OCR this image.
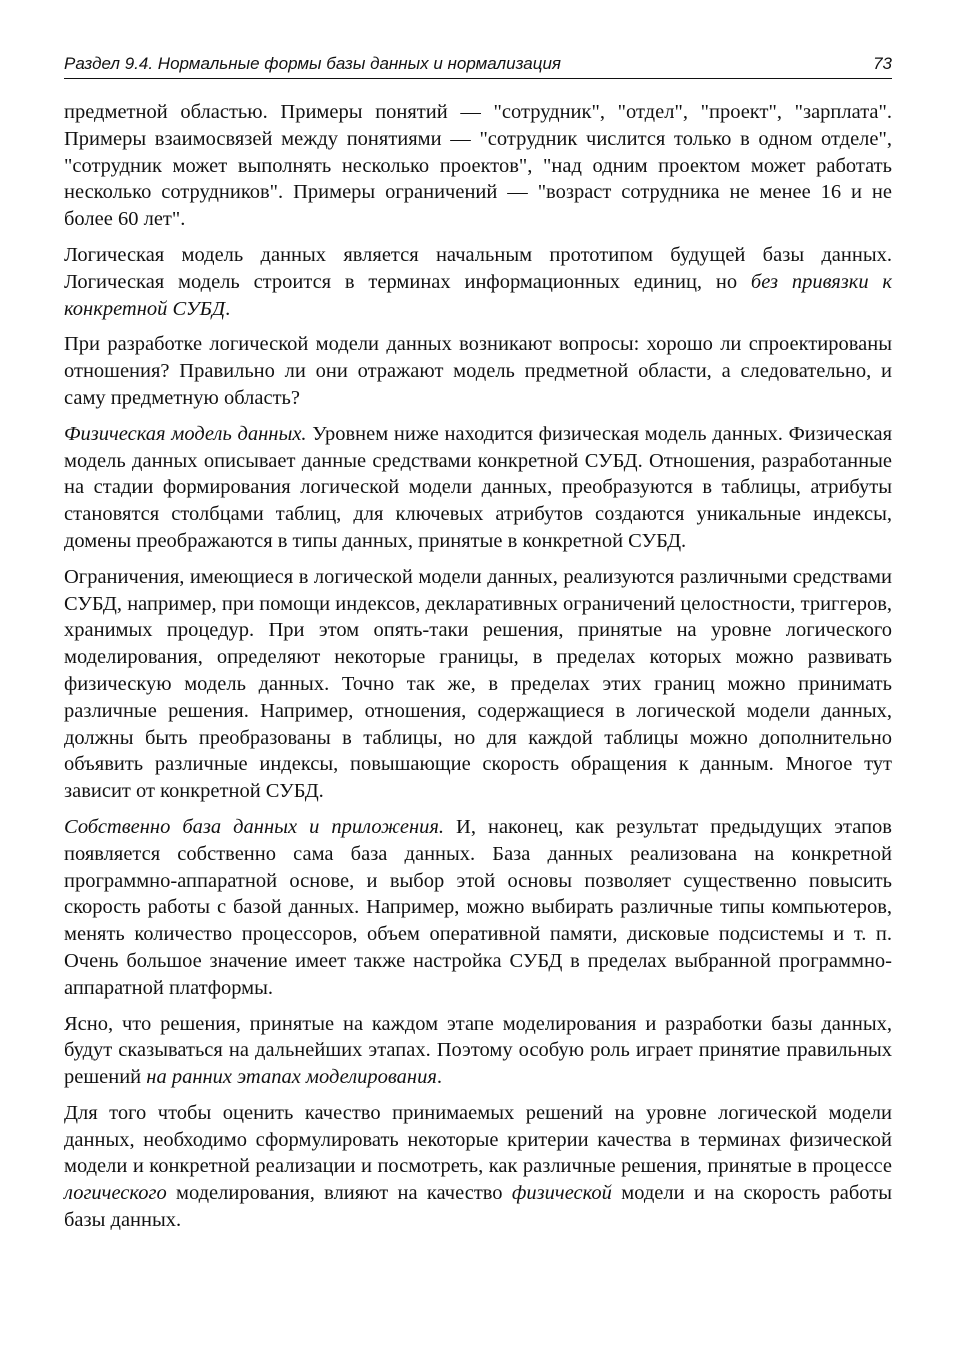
Раздел 9.4. Нормальные формы базы данных и нормализация	73

предметной областью. Примеры понятий — "сотрудник", "отдел", "проект", "зарплата". Примеры взаимосвязей между понятиями — "сотрудник числится только в одном отделе", "сотрудник может выполнять несколько проектов", "над одним проектом может работать несколько сотрудников". Примеры ограничений — "возраст сотрудника не менее 16 и не более 60 лет".

Логическая модель данных является начальным прототипом будущей базы данных. Логическая модель строится в терминах информационных единиц, но без привязки к конкретной СУБД.

При разработке логической модели данных возникают вопросы: хорошо ли спроектированы отношения? Правильно ли они отражают модель предметной области, а следовательно, и саму предметную область?

Физическая модель данных. Уровнем ниже находится физическая модель данных. Физическая модель данных описывает данные средствами конкретной СУБД. Отношения, разработанные на стадии формирования логической модели данных, преобразуются в таблицы, атрибуты становятся столбцами таблиц, для ключевых атрибутов создаются уникальные индексы, домены преображаются в типы данных, принятые в конкретной СУБД.

Ограничения, имеющиеся в логической модели данных, реализуются различными средствами СУБД, например, при помощи индексов, декларативных ограничений целостности, триггеров, хранимых процедур. При этом опять-таки решения, принятые на уровне логического моделирования, определяют некоторые границы, в пределах которых можно развивать физическую модель данных. Точно так же, в пределах этих границ можно принимать различные решения. Например, отношения, содержащиеся в логической модели данных, должны быть преобразованы в таблицы, но для каждой таблицы можно дополнительно объявить различные индексы, повышающие скорость обращения к данным. Многое тут зависит от конкретной СУБД.

Собственно база данных и приложения. И, наконец, как результат предыдущих этапов появляется собственно сама база данных. База данных реализована на конкретной программно-аппаратной основе, и выбор этой основы позволяет существенно повысить скорость работы с базой данных. Например, можно выбирать различные типы компьютеров, менять количество процессоров, объем оперативной памяти, дисковые подсистемы и т. п. Очень большое значение имеет также настройка СУБД в пределах выбранной программно-аппаратной платформы.

Ясно, что решения, принятые на каждом этапе моделирования и разработки базы данных, будут сказываться на дальнейших этапах. Поэтому особую роль играет принятие правильных решений на ранних этапах моделирования.

Для того чтобы оценить качество принимаемых решений на уровне логической модели данных, необходимо сформулировать некоторые критерии качества в терминах физической модели и конкретной реализации и посмотреть, как различные решения, принятые в процессе логического моделирования, влияют на качество физической модели и на скорость работы базы данных.
